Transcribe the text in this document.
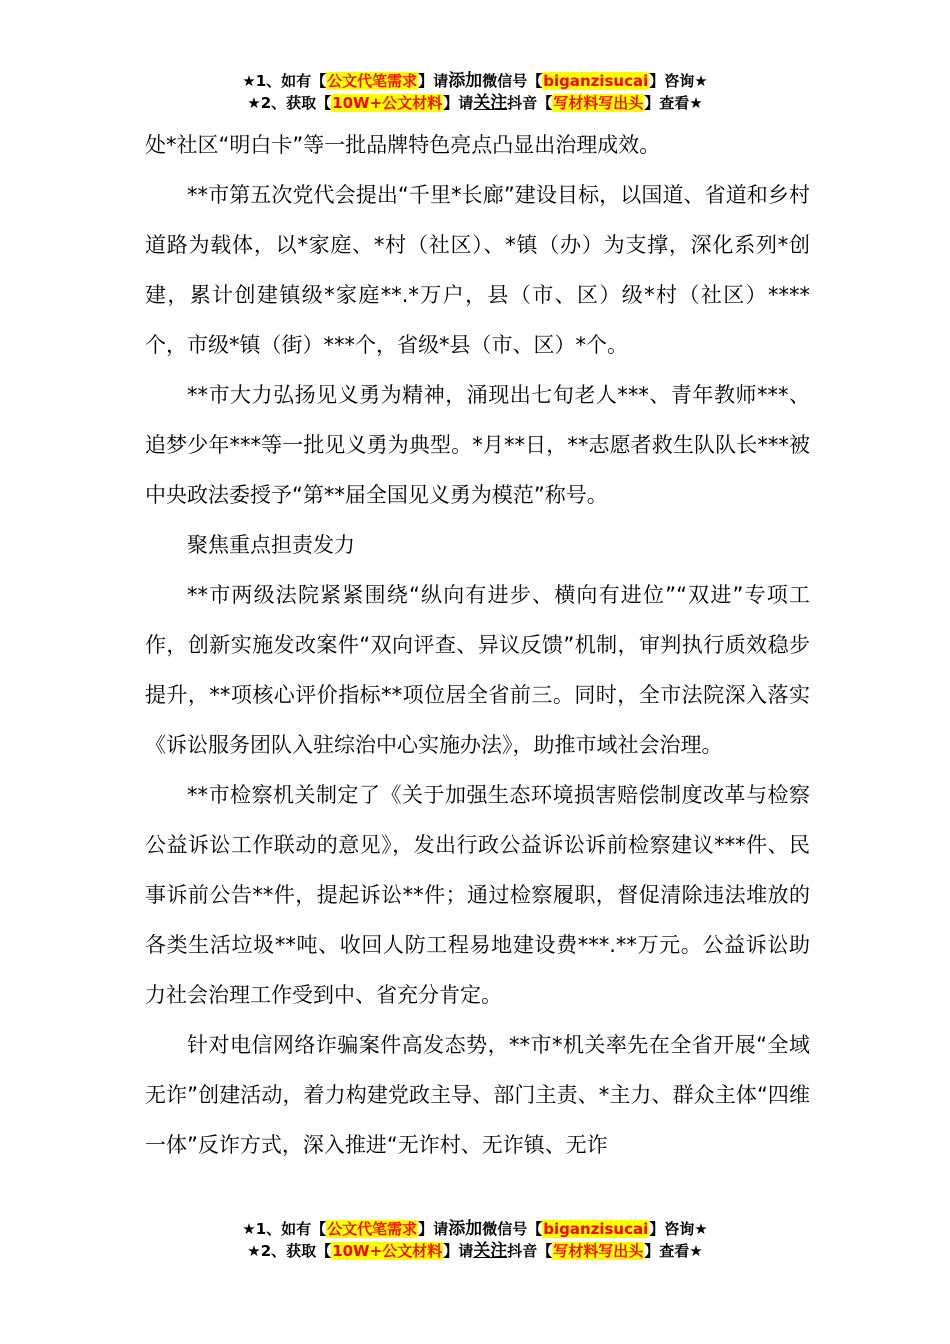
★1、如有【公文代笔需求】请添加微信号【biganzisucai】咨询★
★2、获取【10W+公文材料】请关注抖音【写材料写出头】查看★

处*社区“明白卡”等一批品牌特色亮点凸显出治理成效。

**市第五次党代会提出“千里*长廊”建设目标，以国道、省道和乡村道路为载体，以*家庭、*村（社区）、*镇（办）为支撑，深化系列*创建，累计创建镇级*家庭**.*万户，县（市、区）级*村（社区）****个，市级*镇（街）***个，省级*县（市、区）*个。

**市大力弘扬见义勇为精神，涌现出七旬老人***、青年教师***、追梦少年***等一批见义勇为典型。*月**日，**志愿者救生队队长***被中央政法委授予“第**届全国见义勇为模范”称号。

聚焦重点担责发力

**市两级法院紧紧围绕“纵向有进步、横向有进位”“双进”专项工作，创新实施发改案件“双向评查、异议反馈”机制，审判执行质效稳步提升，**项核心评价指标**项位居全省前三。同时，全市法院深入落实《诉讼服务团队入驻综治中心实施办法》，助推市域社会治理。

**市检察机关制定了《关于加强生态环境损害赔偿制度改革与检察公益诉讼工作联动的意见》，发出行政公益诉讼诉前检察建议***件、民事诉前公告**件，提起诉讼**件；通过检察履职，督促清除违法堆放的各类生活垃圾**吨、收回人防工程易地建设费***.**万元。公益诉讼助力社会治理工作受到中、省充分肯定。

针对电信网络诈骗案件高发态势，**市*机关率先在全省开展“全域无诈”创建活动，着力构建党政主导、部门主责、*主力、群众主体“四维一体”反诈方式，深入推进“无诈村、无诈镇、无诈

★1、如有【公文代笔需求】请添加微信号【biganzisucai】咨询★
★2、获取【10W+公文材料】请关注抖音【写材料写出头】查看★
